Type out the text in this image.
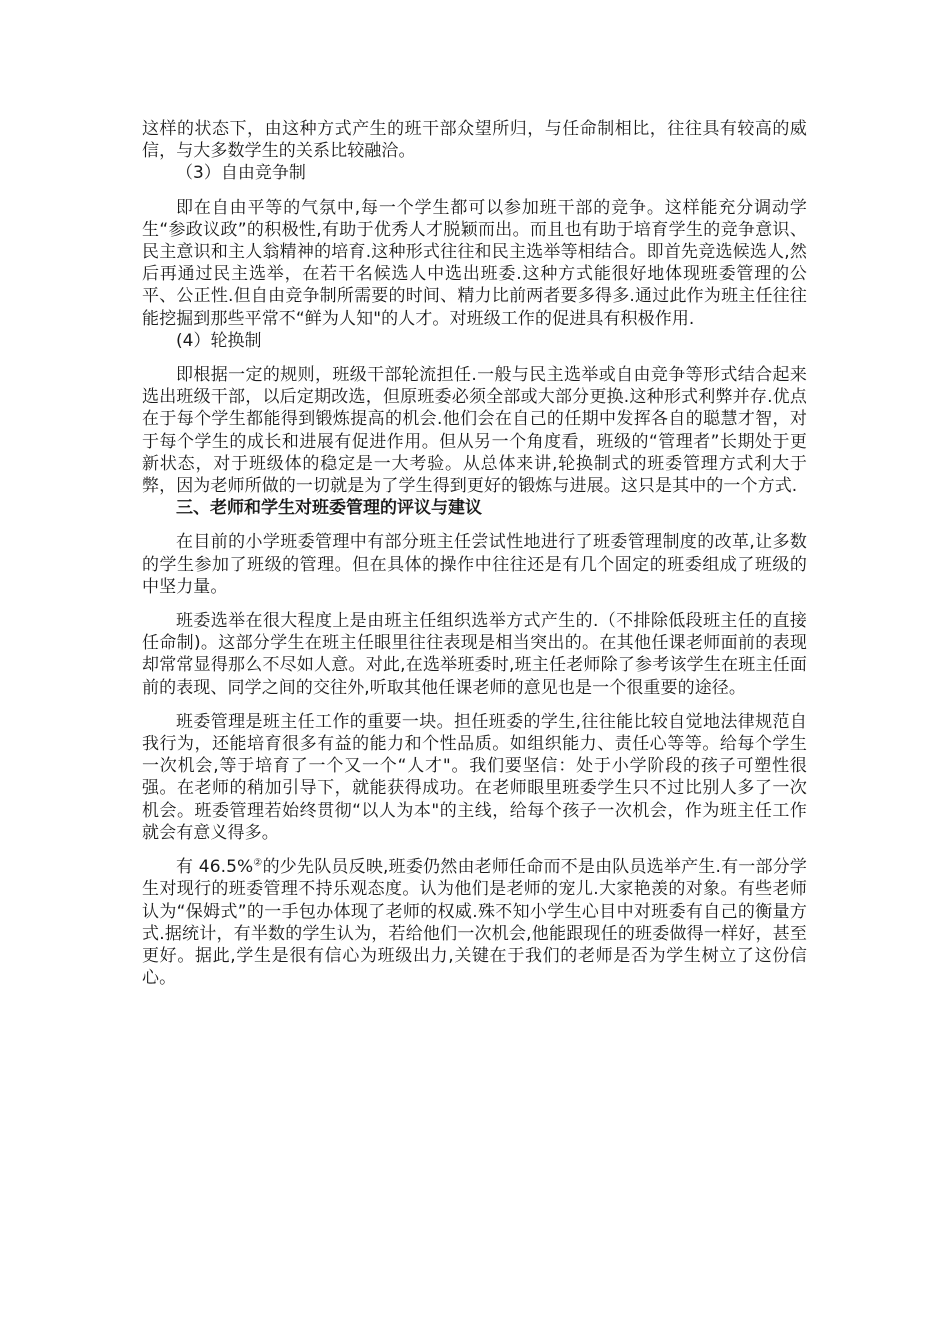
这样的状态下，由这种方式产生的班干部众望所归，与任命制相比，往往具有较高的威信，与大多数学生的关系比较融洽。

（3）自由竞争制

即在自由平等的气氛中,每一个学生都可以参加班干部的竞争。这样能充分调动学生“参政议政”的积极性,有助于优秀人才脱颖而出。而且也有助于培育学生的竞争意识、民主意识和主人翁精神的培育.这种形式往往和民主选举等相结合。即首先竞选候选人,然后再通过民主选举，在若干名候选人中选出班委.这种方式能很好地体现班委管理的公平、公正性.但自由竞争制所需要的时间、精力比前两者要多得多.通过此作为班主任往往能挖掘到那些平常不“鲜为人知"的人才。对班级工作的促进具有积极作用.

(4）轮换制

即根据一定的规则，班级干部轮流担任.一般与民主选举或自由竞争等形式结合起来选出班级干部，以后定期改选，但原班委必须全部或大部分更换.这种形式利弊并存.优点在于每个学生都能得到锻炼提高的机会.他们会在自己的任期中发挥各自的聪慧才智，对于每个学生的成长和进展有促进作用。但从另一个角度看，班级的“管理者”长期处于更新状态，对于班级体的稳定是一大考验。从总体来讲,轮换制式的班委管理方式利大于弊，因为老师所做的一切就是为了学生得到更好的锻炼与进展。这只是其中的一个方式.

三、老师和学生对班委管理的评议与建议

在目前的小学班委管理中有部分班主任尝试性地进行了班委管理制度的改革,让多数的学生参加了班级的管理。但在具体的操作中往往还是有几个固定的班委组成了班级的中坚力量。

班委选举在很大程度上是由班主任组织选举方式产生的.（不排除低段班主任的直接任命制)。这部分学生在班主任眼里往往表现是相当突出的。在其他任课老师面前的表现却常常显得那么不尽如人意。对此,在选举班委时,班主任老师除了参考该学生在班主任面前的表现、同学之间的交往外,听取其他任课老师的意见也是一个很重要的途径。

班委管理是班主任工作的重要一块。担任班委的学生,往往能比较自觉地法律规范自我行为，还能培育很多有益的能力和个性品质。如组织能力、责任心等等。给每个学生一次机会,等于培育了一个又一个“人才"。我们要坚信：处于小学阶段的孩子可塑性很强。在老师的稍加引导下，就能获得成功。在老师眼里班委学生只不过比别人多了一次机会。班委管理若始终贯彻“以人为本"的主线，给每个孩子一次机会，作为班主任工作就会有意义得多。

有 46.5%②的少先队员反映,班委仍然由老师任命而不是由队员选举产生.有一部分学生对现行的班委管理不持乐观态度。认为他们是老师的宠儿.大家艳羡的对象。有些老师认为“保姆式”的一手包办体现了老师的权威.殊不知小学生心目中对班委有自己的衡量方式.据统计，有半数的学生认为，若给他们一次机会,他能跟现任的班委做得一样好，甚至更好。据此,学生是很有信心为班级出力,关键在于我们的老师是否为学生树立了这份信心。
